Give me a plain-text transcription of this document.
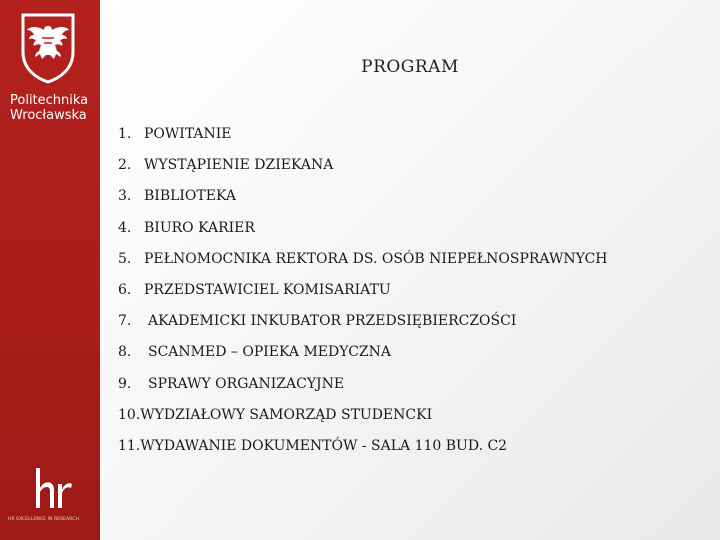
Politechnika
Wrocławska
HR EXCELLENCE IN RESEARCH
PROGRAM
1. POWITANIE
2. WYSTĄPIENIE DZIEKANA
3. BIBLIOTEKA
4. BIURO KARIER
5. PEŁNOMOCNIKA REKTORA DS. OSÓB NIEPEŁNOSPRAWNYCH
6. PRZEDSTAWICIEL KOMISARIATU
7.	AKADEMICKI INKUBATOR PRZEDSIĘBIERCZOŚCI
8.	SCANMED – OPIEKA MEDYCZNA
9.	SPRAWY ORGANIZACYJNE
10. WYDZIAŁOWY SAMORZĄD STUDENCKI
11. WYDAWANIE DOKUMENTÓW - SALA 110 BUD. C2
